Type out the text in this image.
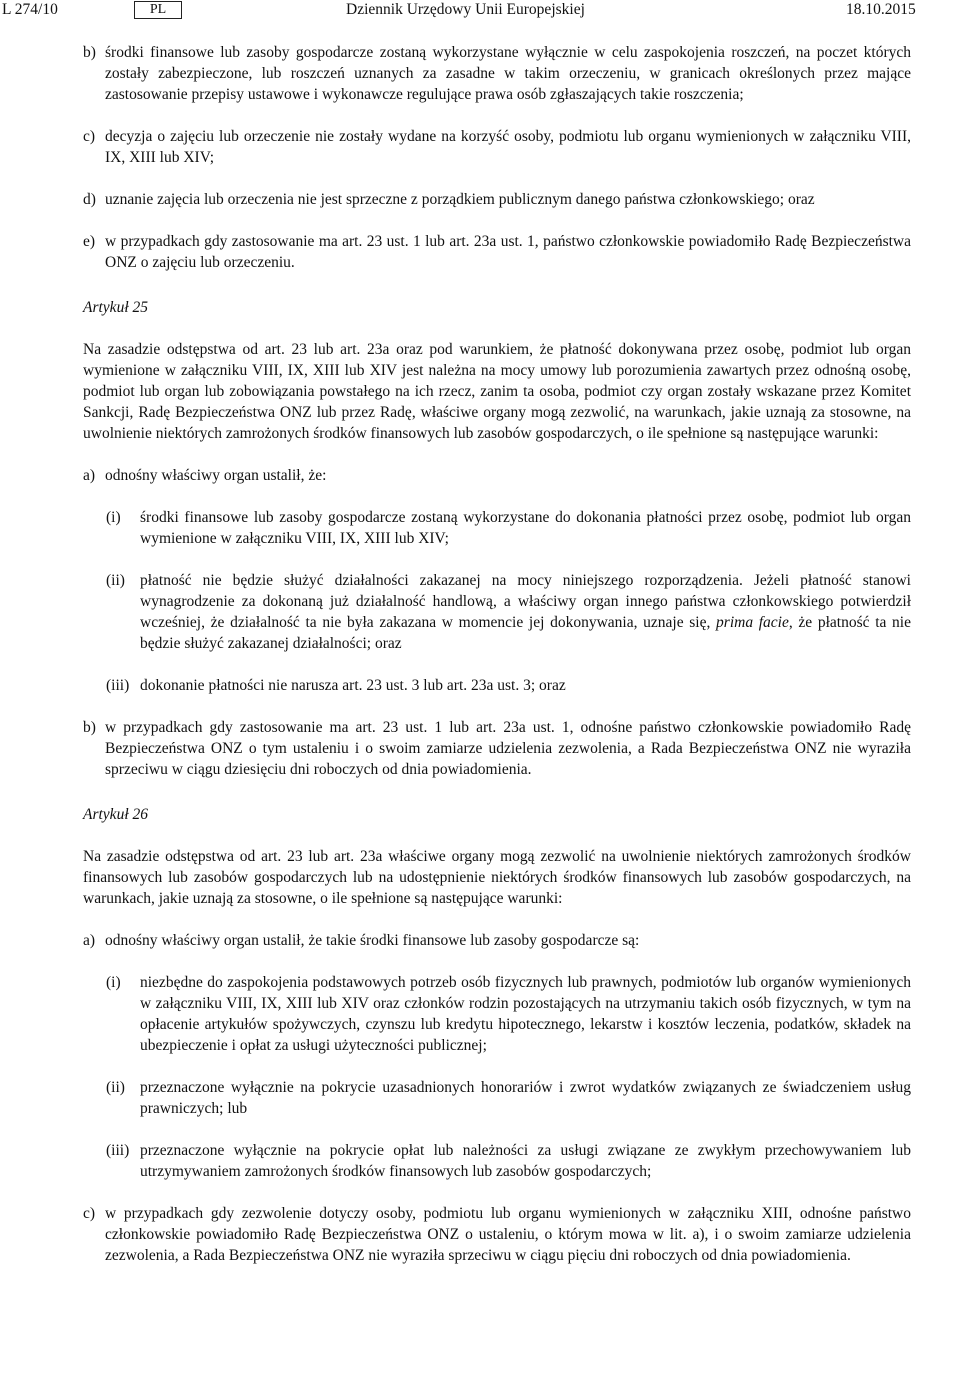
L 274/10	PL	Dziennik Urzędowy Unii Europejskiej	18.10.2015
b) środki finansowe lub zasoby gospodarcze zostaną wykorzystane wyłącznie w celu zaspokojenia roszczeń, na poczet których zostały zabezpieczone, lub roszczeń uznanych za zasadne w takim orzeczeniu, w granicach określonych przez mające zastosowanie przepisy ustawowe i wykonawcze regulujące prawa osób zgłaszających takie roszczenia;
c) decyzja o zajęciu lub orzeczenie nie zostały wydane na korzyść osoby, podmiotu lub organu wymienionych w załączniku VIII, IX, XIII lub XIV;
d) uznanie zajęcia lub orzeczenia nie jest sprzeczne z porządkiem publicznym danego państwa członkowskiego; oraz
e) w przypadkach gdy zastosowanie ma art. 23 ust. 1 lub art. 23a ust. 1, państwo członkowskie powiadomiło Radę Bezpieczeństwa ONZ o zajęciu lub orzeczeniu.
Artykuł 25

Na zasadzie odstępstwa od art. 23 lub art. 23a oraz pod warunkiem, że płatność dokonywana przez osobę, podmiot lub organ wymienione w załączniku VIII, IX, XIII lub XIV jest należna na mocy umowy lub porozumienia zawartych przez odnośną osobę, podmiot lub organ lub zobowiązania powstałego na ich rzecz, zanim ta osoba, podmiot czy organ zostały wskazane przez Komitet Sankcji, Radę Bezpieczeństwa ONZ lub przez Radę, właściwe organy mogą zezwolić, na warunkach, jakie uznają za stosowne, na uwolnienie niektórych zamrożonych środków finansowych lub zasobów gospodarczych, o ile spełnione są następujące warunki:

a) odnośny właściwy organ ustalił, że:
(i)	środki finansowe lub zasoby gospodarcze zostaną wykorzystane do dokonania płatności przez osobę, podmiot lub organ wymienione w załączniku VIII, IX, XIII lub XIV;
(ii) płatność nie będzie służyć działalności zakazanej na mocy niniejszego rozporządzenia. Jeżeli płatność stanowi wynagrodzenie za dokonaną już działalność handlową, a właściwy organ innego państwa członkowskiego potwierdził wcześniej, że działalność ta nie była zakazana w momencie jej dokonywania, uznaje się, prima facie, że płatność ta nie będzie służyć zakazanej działalności; oraz
(iii) dokonanie płatności nie narusza art. 23 ust. 3 lub art. 23a ust. 3; oraz
b) w przypadkach gdy zastosowanie ma art. 23 ust. 1 lub art. 23a ust. 1, odnośne państwo członkowskie powiadomiło Radę Bezpieczeństwa ONZ o tym ustaleniu i o swoim zamiarze udzielenia zezwolenia, a Rada Bezpieczeństwa ONZ nie wyraziła sprzeciwu w ciągu dziesięciu dni roboczych od dnia powiadomienia.
Artykuł 26

Na zasadzie odstępstwa od art. 23 lub art. 23a właściwe organy mogą zezwolić na uwolnienie niektórych zamrożonych środków finansowych lub zasobów gospodarczych lub na udostępnienie niektórych środków finansowych lub zasobów gospodarczych, na warunkach, jakie uznają za stosowne, o ile spełnione są następujące warunki:

a) odnośny właściwy organ ustalił, że takie środki finansowe lub zasoby gospodarcze są:
(i)	niezbędne do zaspokojenia podstawowych potrzeb osób fizycznych lub prawnych, podmiotów lub organów wymienionych w załączniku VIII, IX, XIII lub XIV oraz członków rodzin pozostających na utrzymaniu takich osób fizycznych, w tym na opłacenie artykułów spożywczych, czynszu lub kredytu hipotecznego, lekarstw i kosztów leczenia, podatków, składek na ubezpieczenie i opłat za usługi użyteczności publicznej;
(ii) przeznaczone wyłącznie na pokrycie uzasadnionych honorariów i zwrot wydatków związanych ze świadczeniem usług prawniczych; lub
(iii) przeznaczone wyłącznie na pokrycie opłat lub należności za usługi związane ze zwykłym przechowywaniem lub utrzymywaniem zamrożonych środków finansowych lub zasobów gospodarczych;
c) w przypadkach gdy zezwolenie dotyczy osoby, podmiotu lub organu wymienionych w załączniku XIII, odnośne państwo członkowskie powiadomiło Radę Bezpieczeństwa ONZ o ustaleniu, o którym mowa w lit. a), i o swoim zamiarze udzielenia zezwolenia, a Rada Bezpieczeństwa ONZ nie wyraziła sprzeciwu w ciągu pięciu dni roboczych od dnia powiadomienia.
